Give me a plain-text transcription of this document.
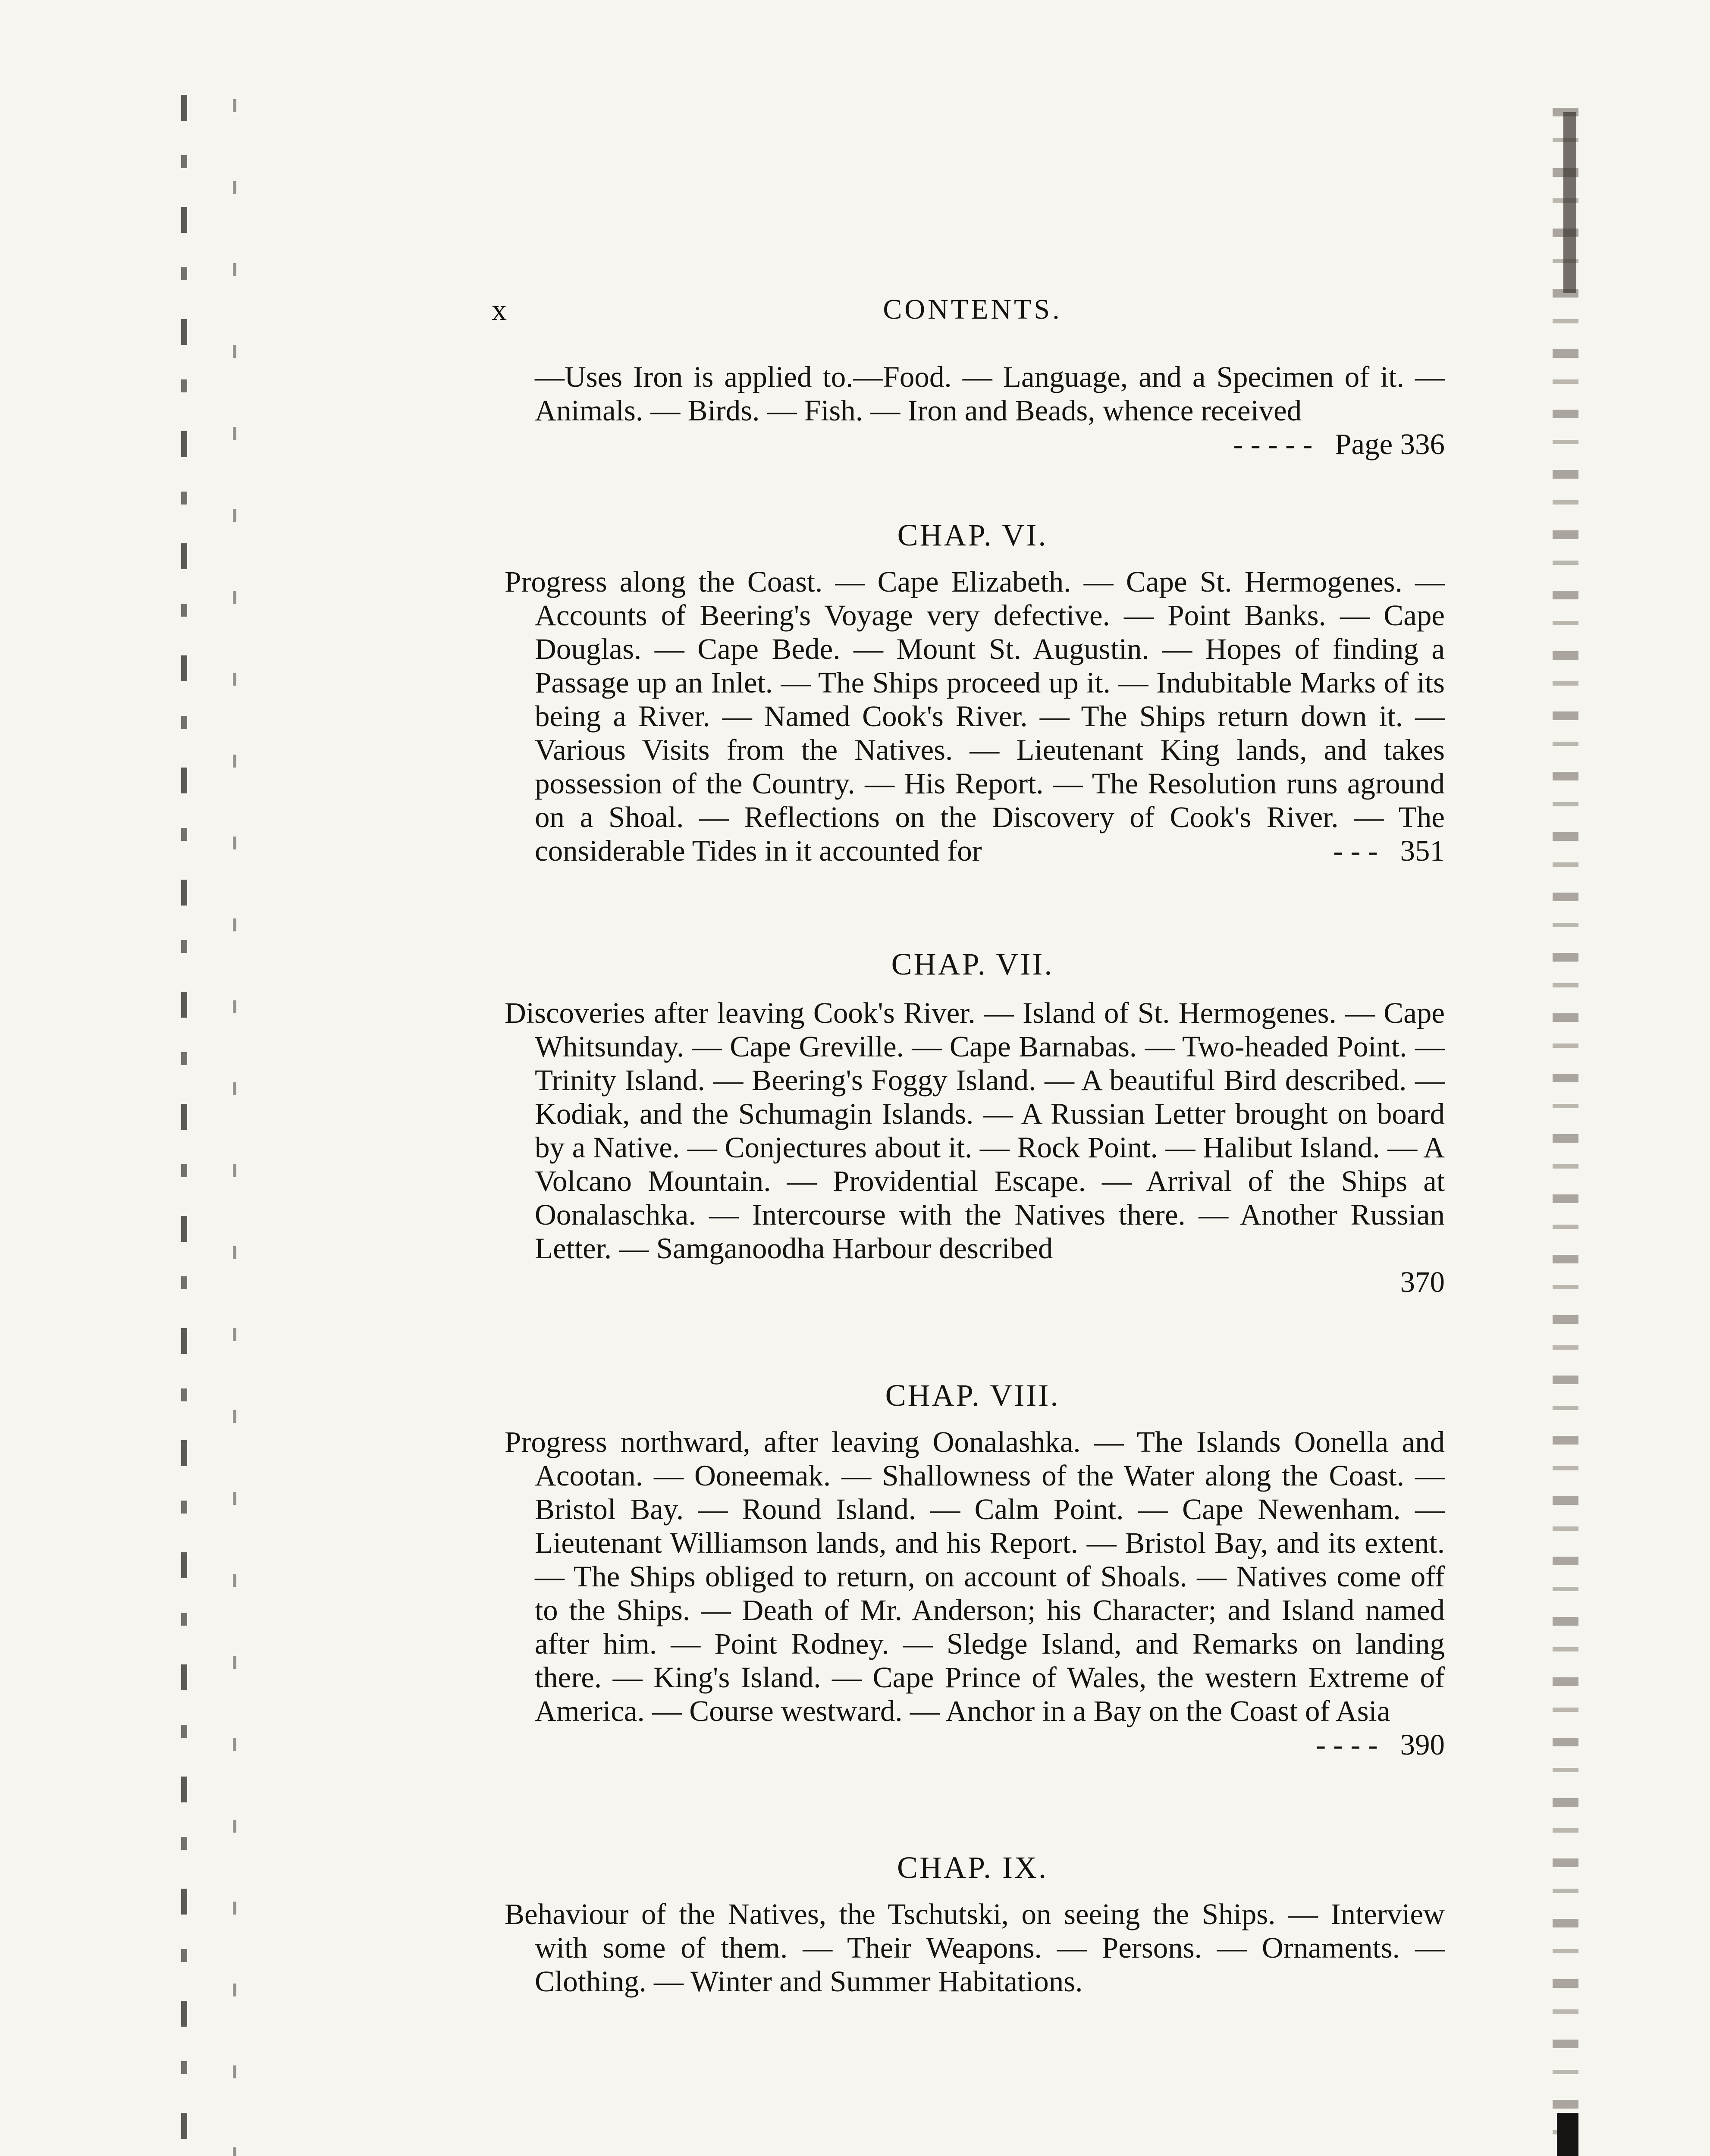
x	CONTENTS.
—Uses Iron is applied to.—Food. — Language, and a Specimen of it. — Animals. — Birds. — Fish. — Iron and Beads, whence received
- - - - - Page 336
CHAP. VI.
Progress along the Coast. — Cape Elizabeth. — Cape St. Hermogenes. — Accounts of Beering's Voyage very defective. — Point Banks. — Cape Douglas. — Cape Bede. — Mount St. Augustin. — Hopes of finding a Passage up an Inlet. — The Ships proceed up it. — Indubitable Marks of its being a River. — Named Cook's River. — The Ships return down it. — Various Visits from the Natives. — Lieutenant King lands, and takes possession of the Country. — His Report. — The Resolution runs aground on a Shoal. — Reflections on the Discovery of Cook's River. — The considerable Tides in it accounted for	- - - 351
CHAP. VII.
Discoveries after leaving Cook's River. — Island of St. Hermogenes. — Cape Whitsunday. — Cape Greville. — Cape Barnabas. — Two-headed Point. — Trinity Island. — Beering's Foggy Island. — A beautiful Bird described. — Kodiak, and the Schumagin Islands. — A Russian Letter brought on board by a Native. — Conjectures about it. — Rock Point. — Halibut Island. — A Volcano Mountain. — Providential Escape. — Arrival of the Ships at Oonalaschka. — Intercourse with the Natives there. — Another Russian Letter. — Samganoodha Harbour described
370
CHAP. VIII.
Progress northward, after leaving Oonalashka. — The Islands Oonella and Acootan. — Ooneemak. — Shallowness of the Water along the Coast. — Bristol Bay. — Round Island. — Calm Point. — Cape Newenham. — Lieutenant Williamson lands, and his Report. — Bristol Bay, and its extent. — The Ships obliged to return, on account of Shoals. — Natives come off to the Ships. — Death of Mr. Anderson; his Character; and Island named after him. — Point Rodney. — Sledge Island, and Remarks on landing there. — King's Island. — Cape Prince of Wales, the western Extreme of America. — Course westward. — Anchor in a Bay on the Coast of Asia
- - - - 390
CHAP. IX.
Behaviour of the Natives, the Tschutski, on seeing the Ships. — Interview with some of them. — Their Weapons. — Persons. — Ornaments. — Clothing. — Winter and Summer Habitations.
